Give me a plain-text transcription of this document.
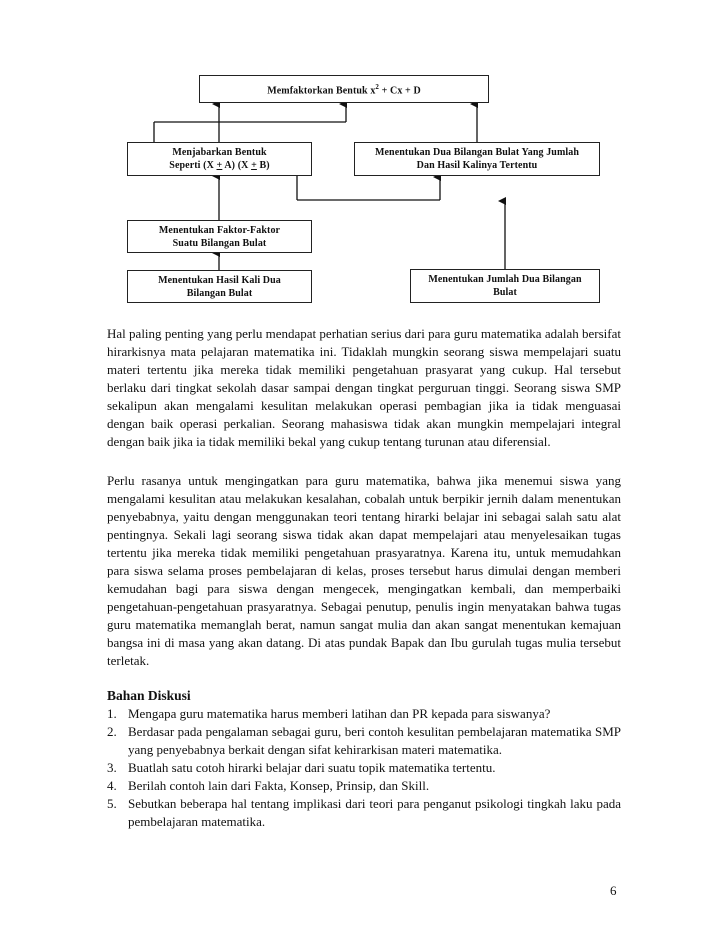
Memfaktorkan Bentuk $x^2 + Cx + D$
Menjabarkan Bentuk
Seperti (X + A) (X + B)
Menentukan Dua Bilangan Bulat Yang Jumlah
Dan Hasil Kalinya Tertentu
Menentukan Faktor-Faktor
Suatu Bilangan Bulat
Menentukan Hasil Kali Dua
Bilangan Bulat
Menentukan Jumlah Dua Bilangan
Bulat

Hal paling penting yang perlu mendapat perhatian serius dari para guru matematika adalah bersifat hirarkisnya mata pelajaran matematika ini. Tidaklah mungkin seorang siswa mempelajari suatu materi tertentu jika mereka tidak memiliki pengetahuan prasyarat yang cukup. Hal tersebut berlaku dari tingkat sekolah dasar sampai dengan tingkat perguruan tinggi. Seorang siswa SMP sekalipun akan mengalami kesulitan melakukan operasi pembagian jika ia tidak menguasai dengan baik operasi perkalian. Seorang mahasiswa tidak akan mungkin mempelajari integral dengan baik jika ia tidak memiliki bekal yang cukup tentang turunan atau diferensial.

Perlu rasanya untuk mengingatkan para guru matematika, bahwa jika menemui siswa yang mengalami kesulitan atau melakukan kesalahan, cobalah untuk berpikir jernih dalam menentukan penyebabnya, yaitu dengan menggunakan teori tentang hirarki belajar ini sebagai salah satu alat pentingnya. Sekali lagi seorang siswa tidak akan dapat mempelajari atau menyelesaikan tugas tertentu jika mereka tidak memiliki pengetahuan prasyaratnya. Karena itu, untuk memudahkan para siswa selama proses pembelajaran di kelas, proses tersebut harus dimulai dengan memberi kemudahan bagi para siswa dengan mengecek, mengingatkan kembali, dan memperbaiki pengetahuan-pengetahuan prasyaratnya. Sebagai penutup, penulis ingin menyatakan bahwa tugas guru matematika memanglah berat, namun sangat mulia dan akan sangat menentukan kemajuan bangsa ini di masa yang akan datang. Di atas pundak Bapak dan Ibu gurulah tugas mulia tersebut terletak.

Bahan Diskusi
1. Mengapa guru matematika harus memberi latihan dan PR kepada para siswanya?
2. Berdasar pada pengalaman sebagai guru, beri contoh kesulitan pembelajaran matematika SMP yang penyebabnya berkait dengan sifat kehirarkisan materi matematika.
3. Buatlah satu cotoh hirarki belajar dari suatu topik matematika tertentu.
4. Berilah contoh lain dari Fakta, Konsep, Prinsip, dan Skill.
5. Sebutkan beberapa hal tentang implikasi dari teori para penganut psikologi tingkah laku pada pembelajaran matematika.
6
